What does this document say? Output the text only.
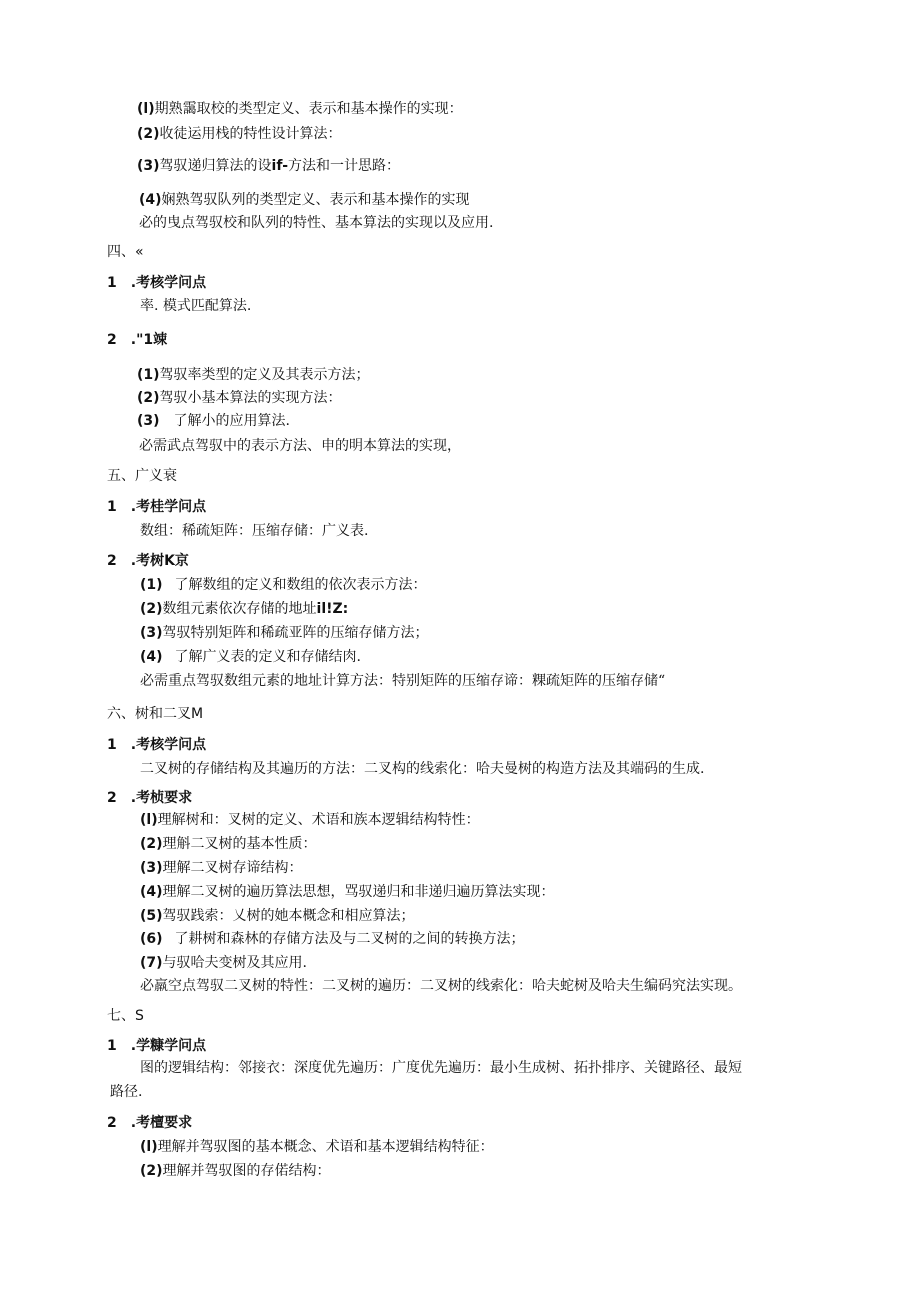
(l)期熟靄取校的类型定义、表示和基本操作的实现：
(2)收徒运用栈的特性设计算法：
(3)驾驭递归算法的设if-方法和一计思路：
(4)娴熟驾驭队列的类型定义、表示和基本操作的实现
必的曳点驾驭校和队列的特性、基本算法的实现以及应用.
四、«
1 .考核学问点
率. 模式匹配算法.
2 ."1竦
(1)驾驭率类型的定义及其表示方法；
(2)驾驭小基本算法的实现方法：
(3) 了解小的应用算法.
必需武点驾驭中的表示方法、申的明本算法的实现，
五、广义衰
1 .考桂学问点
数组：稀疏矩阵：压缩存储：广义表.
2 .考树K京
(1) 了解数组的定义和数组的依次表示方法：
(2)数组元素依次存储的地址il!Z:
(3)驾驭特别矩阵和稀疏亚阵的压缩存储方法；
(4) 了解广义表的定义和存储结肉.
必需重点驾驭数组元素的地址计算方法：特别矩阵的压缩存谛：粿疏矩阵的压缩存储“
六、树和二叉M
1 .考核学问点
二叉树的存储结构及其遍历的方法：二叉构的线索化：哈夫曼树的构造方法及其端码的生成.
2 .考桢要求
(l)理解树和：叉树的定义、术语和族本逻辑结构特性：
(2)理斛二叉树的基本性质：
(3)理解二叉树存谛结构：
(4)理解二叉树的遍历算法思想，骂驭递归和非递归遍历算法实现：
(5)驾驭践索：乂树的她本概念和相应算法；
(6) 了耕树和森林的存储方法及与二叉树的之间的转换方法；
(7)与驭哈夫变树及其应用.
必羸空点驾驭二叉树的特性：二叉树的遍历：二叉树的线索化：哈夫蛇树及哈夫生编码究法实现。
七、S
1 .学糠学问点
图的逻辑结构：邻接衣：深度优先遍历：广度优先遍历：最小生成树、拓扑排序、关键路径、最短
路径.
2 .考檀要求
(l)理解并驾驭图的基本概念、术语和基本逻辑结构特征：
(2)理解并驾驭图的存偌结构：
